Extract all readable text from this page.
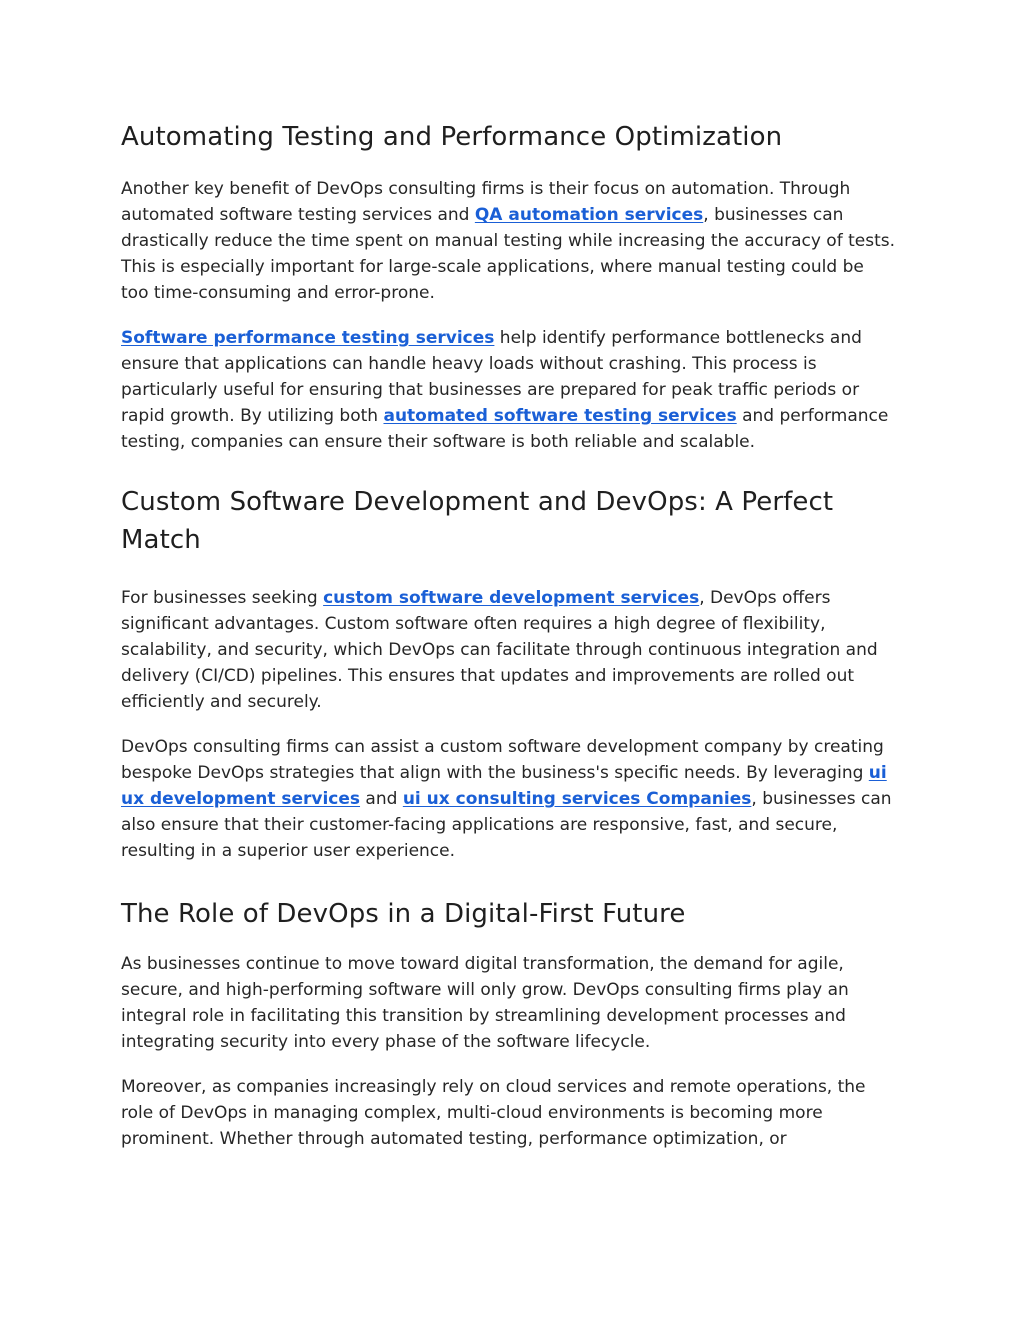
Automating Testing and Performance Optimization

Another key benefit of DevOps consulting firms is their focus on automation. Through automated software testing services and QA automation services, businesses can drastically reduce the time spent on manual testing while increasing the accuracy of tests. This is especially important for large-scale applications, where manual testing could be too time-consuming and error-prone.

Software performance testing services help identify performance bottlenecks and ensure that applications can handle heavy loads without crashing. This process is particularly useful for ensuring that businesses are prepared for peak traffic periods or rapid growth. By utilizing both automated software testing services and performance testing, companies can ensure their software is both reliable and scalable.

Custom Software Development and DevOps: A Perfect Match

For businesses seeking custom software development services, DevOps offers significant advantages. Custom software often requires a high degree of flexibility, scalability, and security, which DevOps can facilitate through continuous integration and delivery (CI/CD) pipelines. This ensures that updates and improvements are rolled out efficiently and securely.

DevOps consulting firms can assist a custom software development company by creating bespoke DevOps strategies that align with the business's specific needs. By leveraging ui ux development services and ui ux consulting services Companies, businesses can also ensure that their customer-facing applications are responsive, fast, and secure, resulting in a superior user experience.

The Role of DevOps in a Digital-First Future

As businesses continue to move toward digital transformation, the demand for agile, secure, and high-performing software will only grow. DevOps consulting firms play an integral role in facilitating this transition by streamlining development processes and integrating security into every phase of the software lifecycle.

Moreover, as companies increasingly rely on cloud services and remote operations, the role of DevOps in managing complex, multi-cloud environments is becoming more prominent. Whether through automated testing, performance optimization, or
